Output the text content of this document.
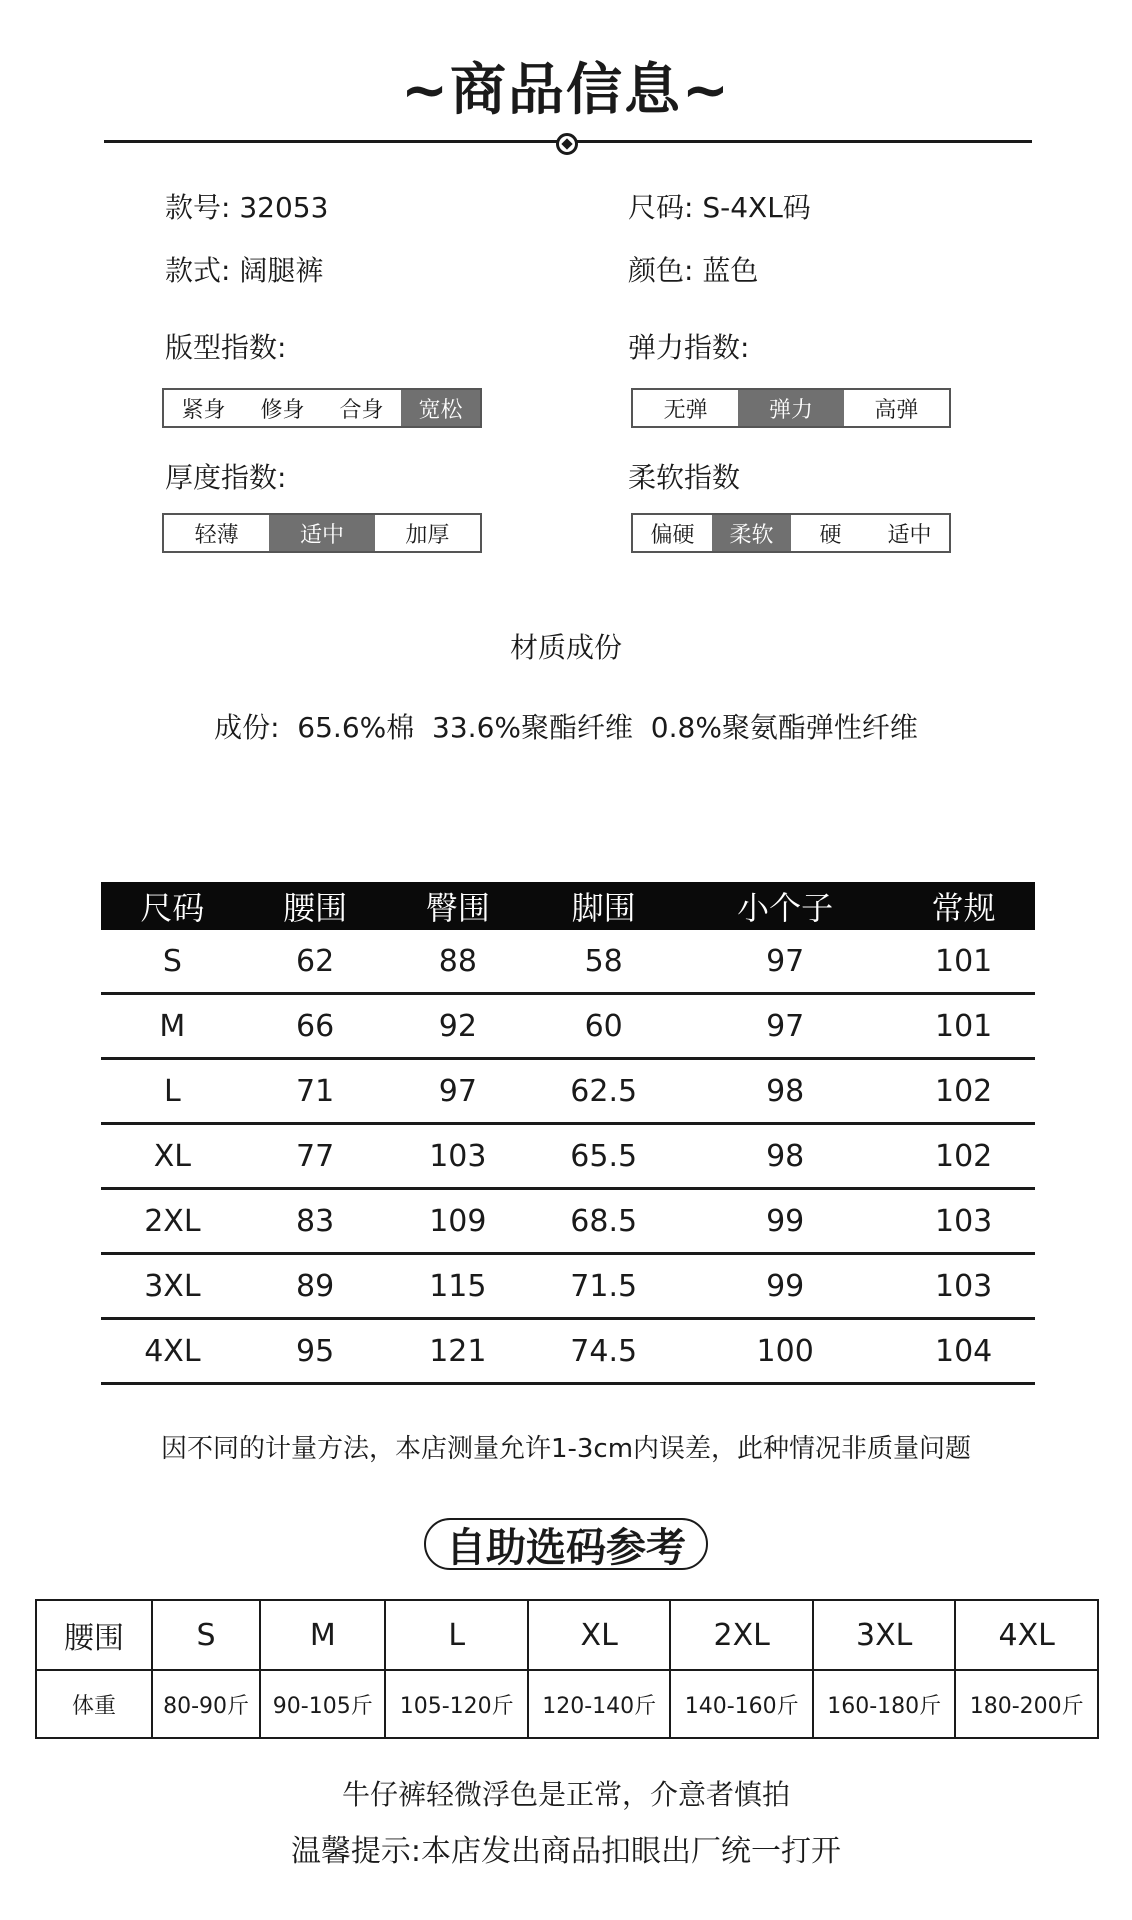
~商品信息~
款号: 32053	尺码: S-4XL码
款式: 阔腿裤	颜色: 蓝色
版型指数:	弹力指数:
紧身	修身	合身	宽松	无弹	弹力	高弹
厚度指数:	柔软指数
轻薄	适中	加厚	偏硬	柔软	硬	适中
材质成份
成份:  65.6%棉  33.6%聚酯纤维  0.8%聚氨酯弹性纤维
尺码	腰围	臀围	脚围	小个子	常规
S	62	88	58	97	101
M	66	92	60	97	101
L	71	97	62.5	98	102
XL	77	103	65.5	98	102
2XL	83	109	68.5	99	103
3XL	89	115	71.5	99	103
4XL	95	121	74.5	100	104
因不同的计量方法，本店测量允许1-3cm内误差，此种情况非质量问题
自助选码参考
腰围	S	M	L	XL	2XL	3XL	4XL
体重	80-90斤	90-105斤	105-120斤	120-140斤	140-160斤	160-180斤	180-200斤
牛仔裤轻微浮色是正常，介意者慎拍
温馨提示:本店发出商品扣眼出厂统一打开
